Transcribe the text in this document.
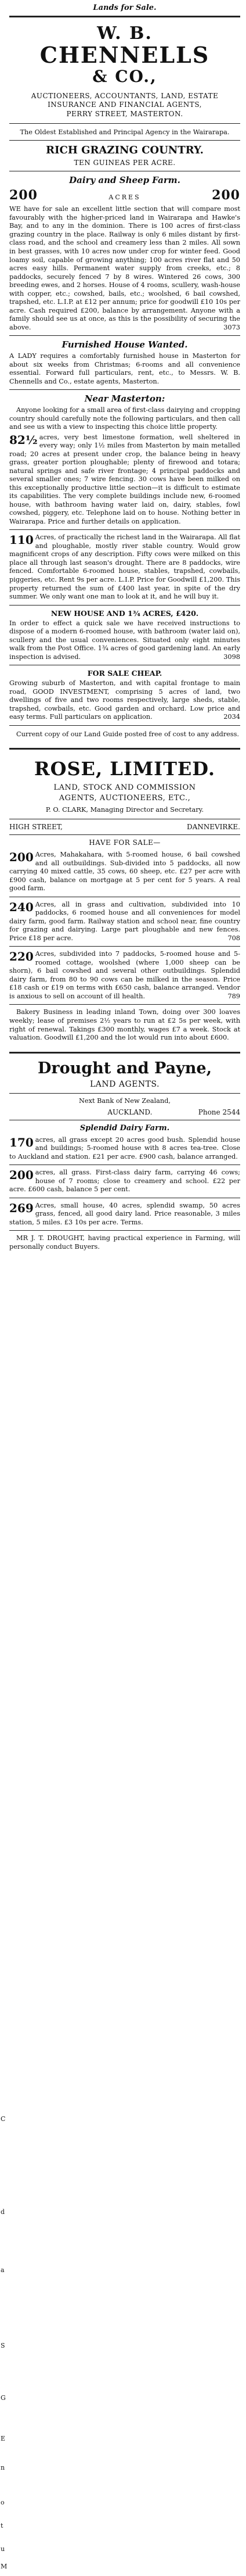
C
d
a
S
G
E
n
o
t
u
M

Lands for Sale.

W. B.

CHENNELLS

& CO.,

AUCTIONEERS, ACCOUNTANTS, LAND, ESTATE INSURANCE AND FINANCIAL AGENTS,

PERRY STREET, MASTERTON.

The Oldest Established and Principal Agency in the Wairarapa.

RICH GRAZING COUNTRY.

TEN GUINEAS PER ACRE.

Dairy and Sheep Farm.

200	ACRES	200

WE have for sale an excellent little section that will compare most favourably with the higher-priced land in Wairarapa and Hawke's Bay, and to any in the dominion. There is 100 acres of first-class grazing country in the place. Railway is only 6 miles distant by first-class road, and the school and creamery less than 2 miles. All sown in best grasses, with 10 acres now under crop for winter feed. Good loamy soil, capable of growing anything; 100 acres river flat and 50 acres easy hills. Permanent water supply from creeks, etc.; 8 paddocks, securely fenced 7 by 8 wires. Wintered 26 cows, 300 breeding ewes, and 2 horses. House of 4 rooms, scullery, wash-house with copper, etc.; cowshed, bails, etc.; woolshed, 6 bail cowshed, trapshed, etc. L.I.P. at £12 per annum; price for goodwill £10 10s per acre. Cash required £200, balance by arrangement. Anyone with a family should see us at once, as this is the possibility of securing the above.	3073

Furnished House Wanted.

A LADY requires a comfortably furnished house in Masterton for about six weeks from Christmas; 6-rooms and all convenience essential. Forward full particulars, rent, etc., to Messrs. W. B. Chennells and Co., estate agents, Masterton.

Near Masterton:

Anyone looking for a small area of first-class dairying and cropping country should carefully note the following particulars, and then call and see us with a view to inspecting this choice little property.

82½ acres, very best limestone formation, well sheltered in every way; only 1½ miles from Masterton by main metalled road; 20 acres at present under crop, the balance being in heavy grass, greater portion ploughable; plenty of firewood and totara; natural springs and safe river frontage; 4 principal paddocks and several smaller ones; 7 wire fencing. 30 cows have been milked on this exceptionally productive little section—it is difficult to estimate its capabilities. The very complete buildings include new, 6-roomed house, with bathroom having water laid on, dairy, stables, fowl cowshed, piggery, etc. Telephone laid on to house. Nothing better in Wairarapa. Price and further details on application.

110 Acres, of practically the richest land in the Wairarapa. All flat and ploughable, mostly river stable country. Would grow magnificent crops of any description. Fifty cows were milked on this place all through last season's drought. There are 8 paddocks, wire fenced. Comfortable 6-roomed house, stables, trapshed, cowbails, piggeries, etc. Rent 9s per acre. L.I.P. Price for Goodwill £1,200. This property returned the sum of £400 last year, in spite of the dry summer. We only want one man to look at it, and he will buy it.

NEW HOUSE AND 1¾ ACRES, £420.

In order to effect a quick sale we have received instructions to dispose of a modern 6-roomed house, with bathroom (water laid on), scullery and the usual conveniences. Situated only eight minutes walk from the Post Office. 1¾ acres of good gardening land. An early inspection is advised.	3098

FOR SALE CHEAP.

Growing suburb of Masterton, and with capital frontage to main road, GOOD INVESTMENT, comprising 5 acres of land, two dwellings of five and two rooms respectively, large sheds, stable, trapshed, cowbails, etc. Good garden and orchard. Low price and easy terms. Full particulars on application.	2034

Current copy of our Land Guide posted free of cost to any address.

ROSE, LIMITED.

LAND, STOCK AND COMMISSION

AGENTS, AUCTIONEERS, ETC.,

P. O. CLARK, Managing Director and Secretary.

HIGH STREET,	DANNEVIRKE.

HAVE FOR SALE—

200 Acres, Mahakahara, with 5-roomed house, 6 bail cowshed and all outbuildings. Sub-divided into 5 paddocks, all now carrying 40 mixed cattle, 35 cows, 60 sheep, etc. £27 per acre with £900 cash, balance on mortgage at 5 per cent for 5 years. A real good farm.

240 Acres, all in grass and cultivation, subdivided into 10 paddocks, 6 roomed house and all conveniences for model dairy farm, good farm. Railway station and school near, fine country for grazing and dairying. Large part ploughable and new fences. Price £18 per acre.	708

220 Acres, subdivided into 7 paddocks, 5-roomed house and 5-roomed cottage, woolshed (where 1,000 sheep can be shorn), 6 bail cowshed and several other outbuildings. Splendid dairy farm, from 80 to 90 cows can be milked in the season. Price £18 cash or £19 on terms with £650 cash, balance arranged. Vendor is anxious to sell on account of ill health.	789

Bakery Business in leading inland Town, doing over 300 loaves weekly; lease of premises 2½ years to run at £2 5s per week, with right of renewal. Takings £300 monthly, wages £7 a week. Stock at valuation. Goodwill £1,200 and the lot would run into about £600.

Drought and Payne,

LAND AGENTS.

Next Bank of New Zealand,

AUCKLAND.	Phone 2544

Splendid Dairy Farm.

170 acres, all grass except 20 acres good bush. Splendid house and buildings; 5-roomed house with 8 acres tea-tree. Close to Auckland and station. £21 per acre. £900 cash, balance arranged.

200 acres, all grass. First-class dairy farm, carrying 46 cows; house of 7 rooms; close to creamery and school. £22 per acre. £600 cash, balance 5 per cent.

269 Acres, small house, 40 acres, splendid swamp, 50 acres grass, fenced, all good dairy land. Price reasonable, 3 miles station, 5 miles. £3 10s per acre. Terms.

MR J. T. DROUGHT, having practical experience in Farming, will personally conduct Buyers.
